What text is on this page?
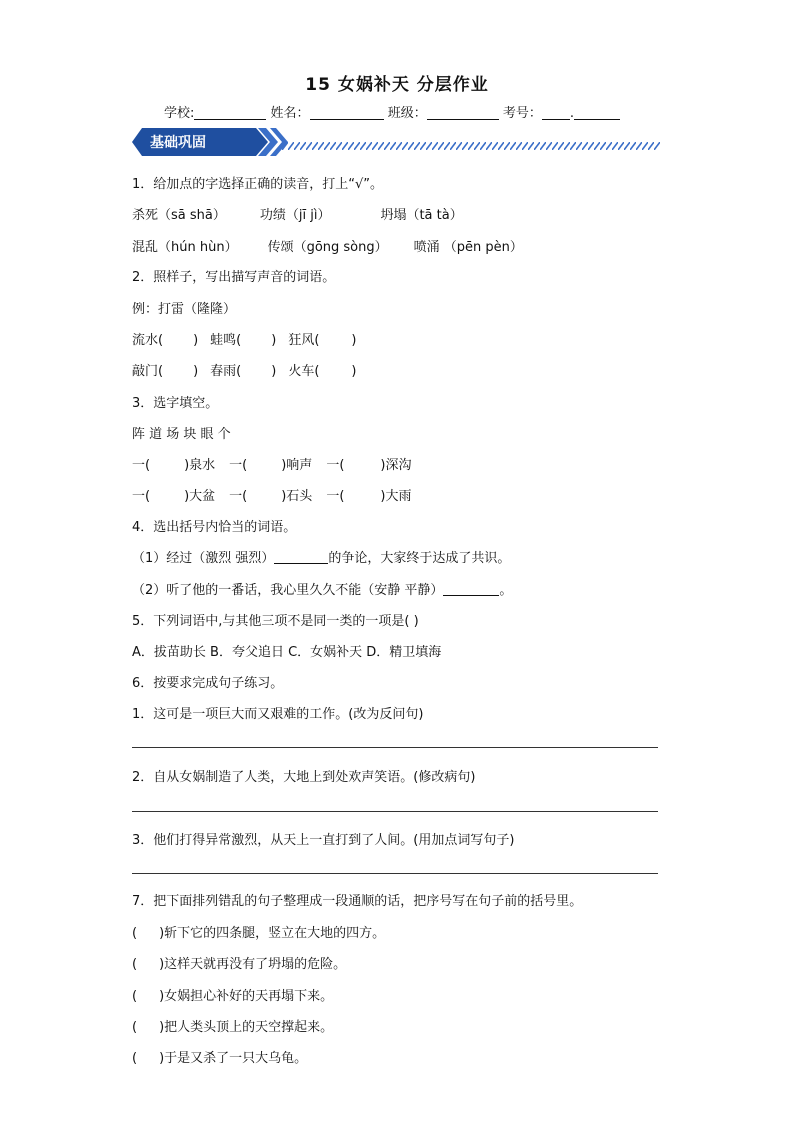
15 女娲补天 分层作业
学校:	姓名：	班级：	考号： .
基础巩固
1．给加点的字选择正确的读音，打上“√”。
杀死（sā shā）	功绩（jī jì）	坍塌（tā tà）
混乱（hún hùn） 传颂（gōng sòng） 喷涌 （pēn pèn）
2．照样子，写出描写声音的词语。
例：打雷（隆隆）
流水( ) 蛙鸣( ) 狂风( )
敲门( ) 春雨( ) 火车( )
3．选字填空。
阵 道 场 块 眼 个
一(	)泉水 一(	)响声 一(	)深沟
一(	)大盆 一(	)石头 一(	)大雨
4．选出括号内恰当的词语。
（1）经过（激烈 强烈）	的争论，大家终于达成了共识。
（2）听了他的一番话，我心里久久不能（安静 平静）	。
5．下列词语中,与其他三项不是同一类的一项是( )
A．拔苗助长 B．夸父追日 C．女娲补天 D．精卫填海
6．按要求完成句子练习。
1．这可是一项巨大而又艰难的工作。(改为反问句)
2．自从女娲制造了人类，大地上到处欢声笑语。(修改病句)
3．他们打得异常激烈，从天上一直打到了人间。(用加点词写句子)
7．把下面排列错乱的句子整理成一段通顺的话，把序号写在句子前的括号里。
( )斩下它的四条腿，竖立在大地的四方。
( )这样天就再没有了坍塌的危险。
( )女娲担心补好的天再塌下来。
( )把人类头顶上的天空撑起来。
( )于是又杀了一只大乌龟。
